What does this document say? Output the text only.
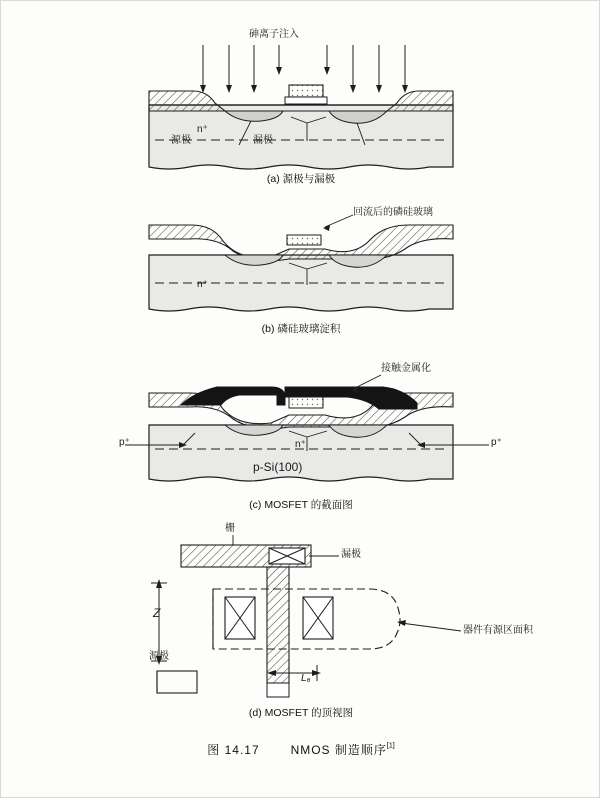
砷离子注入
n⁺
源极	漏极
(a) 源极与漏极
回流后的磷硅玻璃
n⁺
(b) 磷硅玻璃淀积
接触金属化
p⁺	p⁺
n⁺
p-Si(100)
(c) MOSFET 的截面图
栅
漏极
Z
源极
器件有源区面积
L₆
(d) MOSFET 的顶视图
图 14.17	NMOS 制造顺序[1]
